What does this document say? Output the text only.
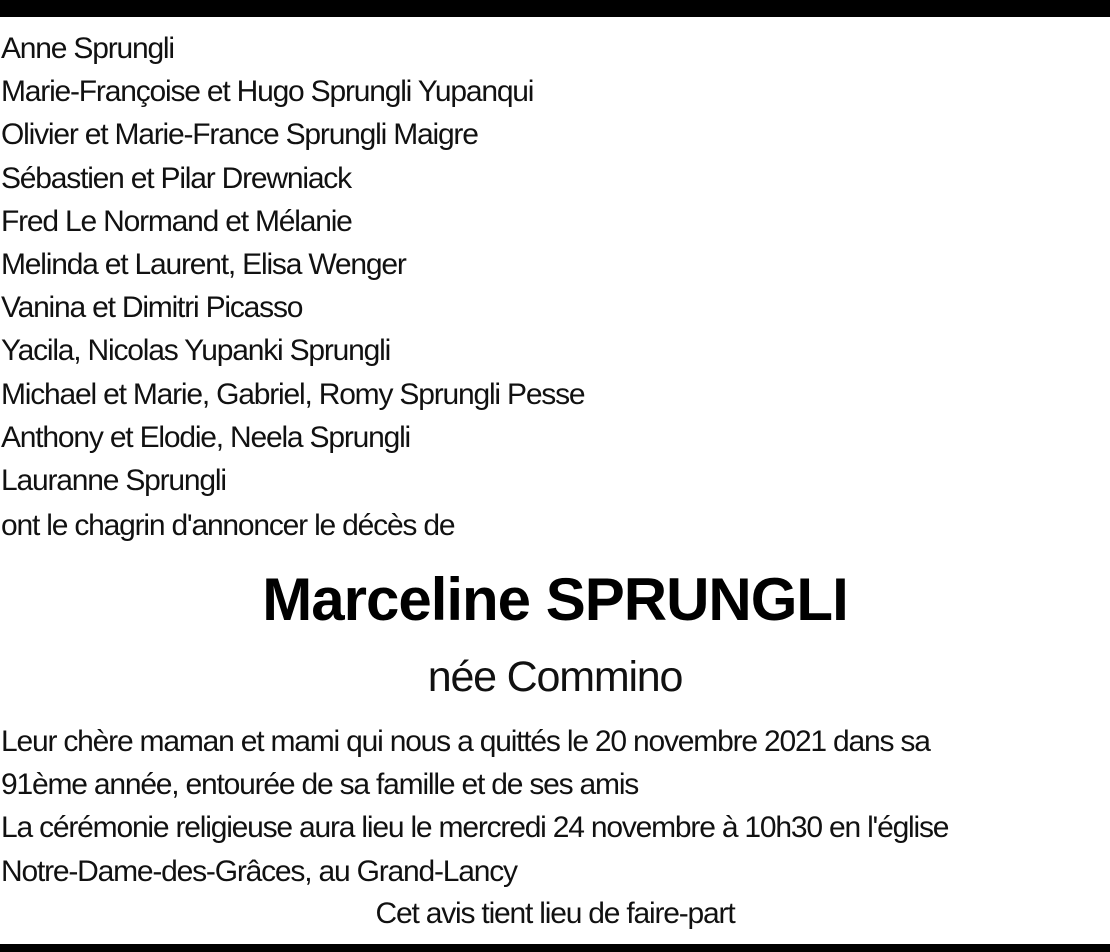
Anne Sprungli
Marie-Françoise et Hugo Sprungli Yupanqui
Olivier et Marie-France Sprungli Maigre
Sébastien et Pilar Drewniack
Fred Le Normand et Mélanie
Melinda et Laurent, Elisa Wenger
Vanina et Dimitri Picasso
Yacila, Nicolas Yupanki Sprungli
Michael et Marie, Gabriel, Romy Sprungli Pesse
Anthony et Elodie, Neela Sprungli
Lauranne Sprungli
ont le chagrin d'annoncer le décès de
Marceline SPRUNGLI
née Commino
Leur chère maman et mami qui nous a quittés le 20 novembre 2021 dans sa
91ème année, entourée de sa famille et de ses amis
La cérémonie religieuse aura lieu le mercredi 24 novembre à 10h30 en l'église
Notre-Dame-des-Grâces, au Grand-Lancy
Cet avis tient lieu de faire-part
